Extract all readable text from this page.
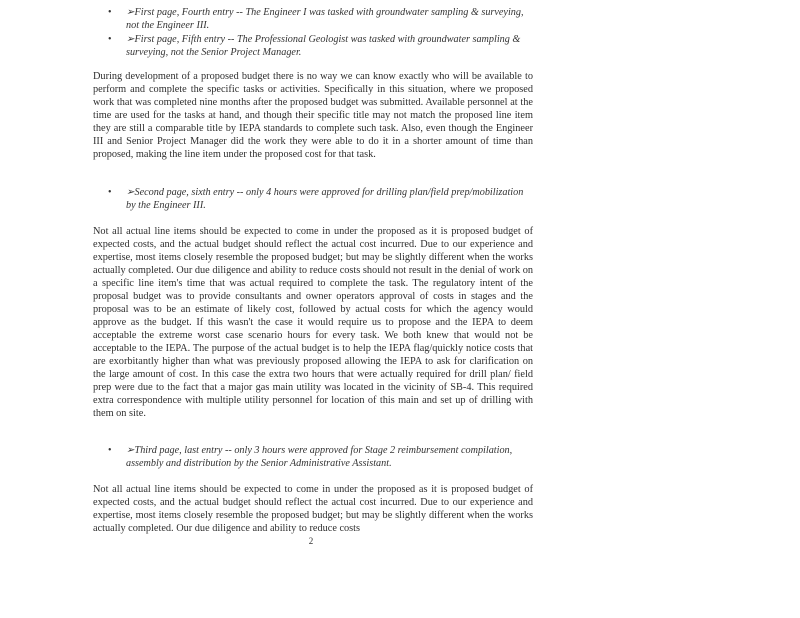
• ➢First page, Fourth entry -- The Engineer I was tasked with groundwater sampling & surveying, not the Engineer III.
• ➢First page, Fifth entry -- The Professional Geologist was tasked with groundwater sampling & surveying, not the Senior Project Manager.

During development of a proposed budget there is no way we can know exactly who will be available to perform and complete the specific tasks or activities. Specifically in this situation, where we proposed work that was completed nine months after the proposed budget was submitted. Available personnel at the time are used for the tasks at hand, and though their specific title may not match the proposed line item they are still a comparable title by IEPA standards to complete such task. Also, even though the Engineer III and Senior Project Manager did the work they were able to do it in a shorter amount of time than proposed, making the line item under the proposed cost for that task.

• ➢Second page, sixth entry -- only 4 hours were approved for drilling plan/field prep/mobilization by the Engineer III.

Not all actual line items should be expected to come in under the proposed as it is proposed budget of expected costs, and the actual budget should reflect the actual cost incurred. Due to our experience and expertise, most items closely resemble the proposed budget; but may be slightly different when the works actually completed. Our due diligence and ability to reduce costs should not result in the denial of work on a specific line item's time that was actual required to complete the task. The regulatory intent of the proposal budget was to provide consultants and owner operators approval of costs in stages and the proposal was to be an estimate of likely cost, followed by actual costs for which the agency would approve as the budget. If this wasn't the case it would require us to propose and the IEPA to deem acceptable the extreme worst case scenario hours for every task. We both knew that would not be acceptable to the IEPA. The purpose of the actual budget is to help the IEPA flag/quickly notice costs that are exorbitantly higher than what was previously proposed allowing the IEPA to ask for clarification on the large amount of cost. In this case the extra two hours that were actually required for drill plan/ field prep were due to the fact that a major gas main utility was located in the vicinity of SB-4. This required extra correspondence with multiple utility personnel for location of this main and set up of drilling with them on site.

• ➢Third page, last entry -- only 3 hours were approved for Stage 2 reimbursement compilation, assembly and distribution by the Senior Administrative Assistant.

Not all actual line items should be expected to come in under the proposed as it is proposed budget of expected costs, and the actual budget should reflect the actual cost incurred. Due to our experience and expertise, most items closely resemble the proposed budget; but may be slightly different when the works actually completed. Our due diligence and ability to reduce costs

2
